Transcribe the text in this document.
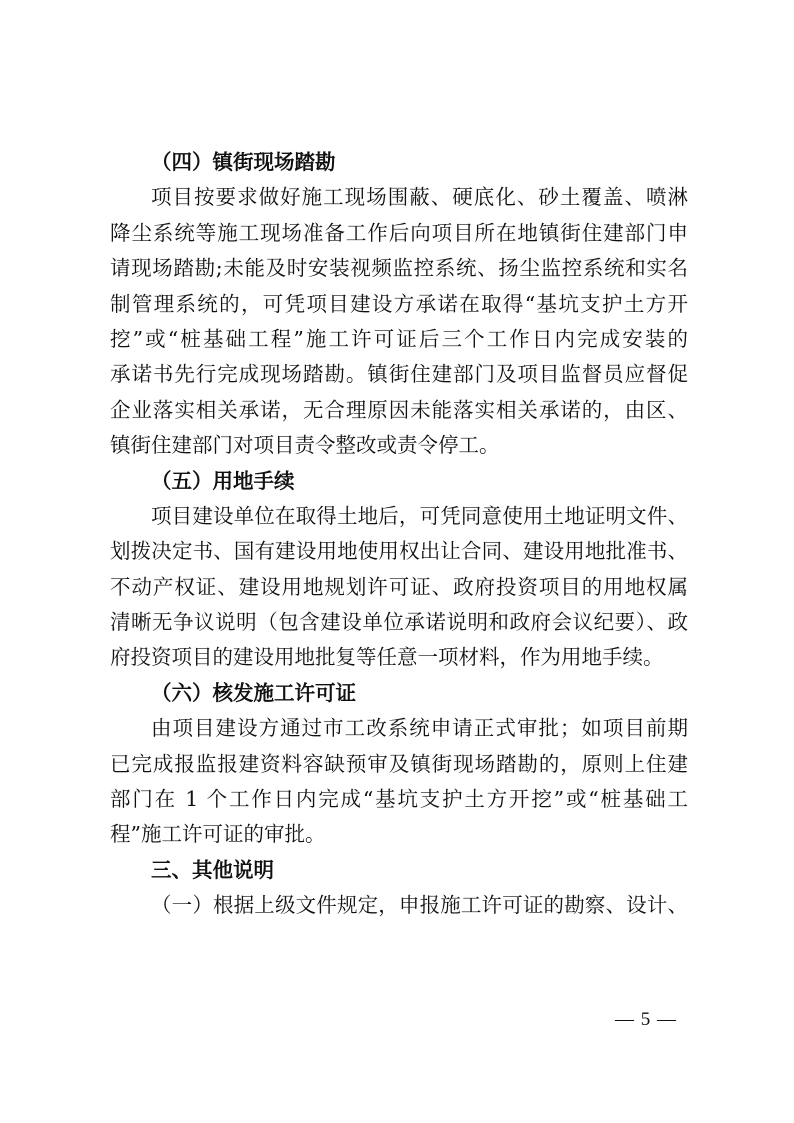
（四）镇街现场踏勘
项目按要求做好施工现场围蔽、硬底化、砂土覆盖、喷淋
降尘系统等施工现场准备工作后向项目所在地镇街住建部门申
请现场踏勘;未能及时安装视频监控系统、扬尘监控系统和实名
制管理系统的，可凭项目建设方承诺在取得“基坑支护土方开
挖”或“桩基础工程”施工许可证后三个工作日内完成安装的
承诺书先行完成现场踏勘。镇街住建部门及项目监督员应督促
企业落实相关承诺，无合理原因未能落实相关承诺的，由区、
镇街住建部门对项目责令整改或责令停工。
（五）用地手续
项目建设单位在取得土地后，可凭同意使用土地证明文件、
划拨决定书、国有建设用地使用权出让合同、建设用地批准书、
不动产权证、建设用地规划许可证、政府投资项目的用地权属
清晰无争议说明（包含建设单位承诺说明和政府会议纪要）、政
府投资项目的建设用地批复等任意一项材料，作为用地手续。
（六）核发施工许可证
由项目建设方通过市工改系统申请正式审批；如项目前期
已完成报监报建资料容缺预审及镇街现场踏勘的，原则上住建
部门在 1 个工作日内完成“基坑支护土方开挖”或“桩基础工
程”施工许可证的审批。
三、其他说明
（一）根据上级文件规定，申报施工许可证的勘察、设计、
— 5 —
